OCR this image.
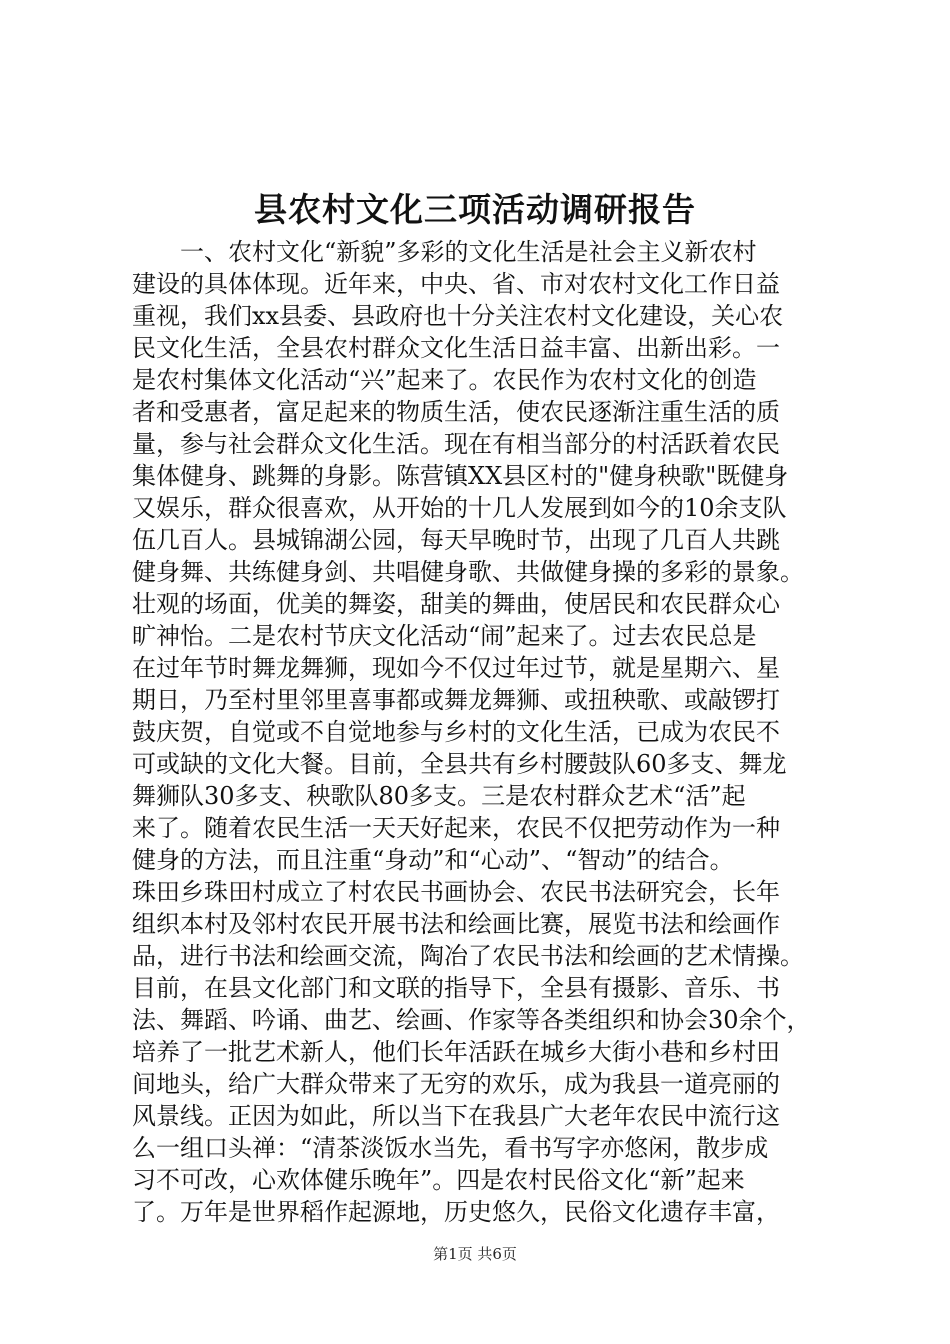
县农村文化三项活动调研报告
　　一、农村文化“新貌”多彩的文化生活是社会主义新农村
建设的具体体现。近年来，中央、省、市对农村文化工作日益
重视，我们xx县委、县政府也十分关注农村文化建设，关心农
民文化生活，全县农村群众文化生活日益丰富、出新出彩。一
是农村集体文化活动“兴”起来了。农民作为农村文化的创造
者和受惠者，富足起来的物质生活，使农民逐渐注重生活的质
量，参与社会群众文化生活。现在有相当部分的村活跃着农民
集体健身、跳舞的身影。陈营镇XX县区村的"健身秧歌"既健身
又娱乐，群众很喜欢，从开始的十几人发展到如今的10余支队
伍几百人。县城锦湖公园，每天早晚时节，出现了几百人共跳
健身舞、共练健身剑、共唱健身歌、共做健身操的多彩的景象。
壮观的场面，优美的舞姿，甜美的舞曲，使居民和农民群众心
旷神怡。二是农村节庆文化活动“闹”起来了。过去农民总是
在过年节时舞龙舞狮，现如今不仅过年过节，就是星期六、星
期日，乃至村里邻里喜事都或舞龙舞狮、或扭秧歌、或敲锣打
鼓庆贺，自觉或不自觉地参与乡村的文化生活，已成为农民不
可或缺的文化大餐。目前，全县共有乡村腰鼓队60多支、舞龙
舞狮队30多支、秧歌队80多支。三是农村群众艺术“活”起
来了。随着农民生活一天天好起来，农民不仅把劳动作为一种
健身的方法，而且注重“身动”和“心动”、“智动”的结合。
珠田乡珠田村成立了村农民书画协会、农民书法研究会，长年
组织本村及邻村农民开展书法和绘画比赛，展览书法和绘画作
品，进行书法和绘画交流，陶冶了农民书法和绘画的艺术情操。
目前，在县文化部门和文联的指导下，全县有摄影、音乐、书
法、舞蹈、吟诵、曲艺、绘画、作家等各类组织和协会30余个，
培养了一批艺术新人，他们长年活跃在城乡大街小巷和乡村田
间地头，给广大群众带来了无穷的欢乐，成为我县一道亮丽的
风景线。正因为如此，所以当下在我县广大老年农民中流行这
么一组口头禅：“清茶淡饭水当先，看书写字亦悠闲，散步成
习不可改，心欢体健乐晚年”。四是农村民俗文化“新”起来
了。万年是世界稻作起源地，历史悠久，民俗文化遗存丰富，
第1页 共6页
